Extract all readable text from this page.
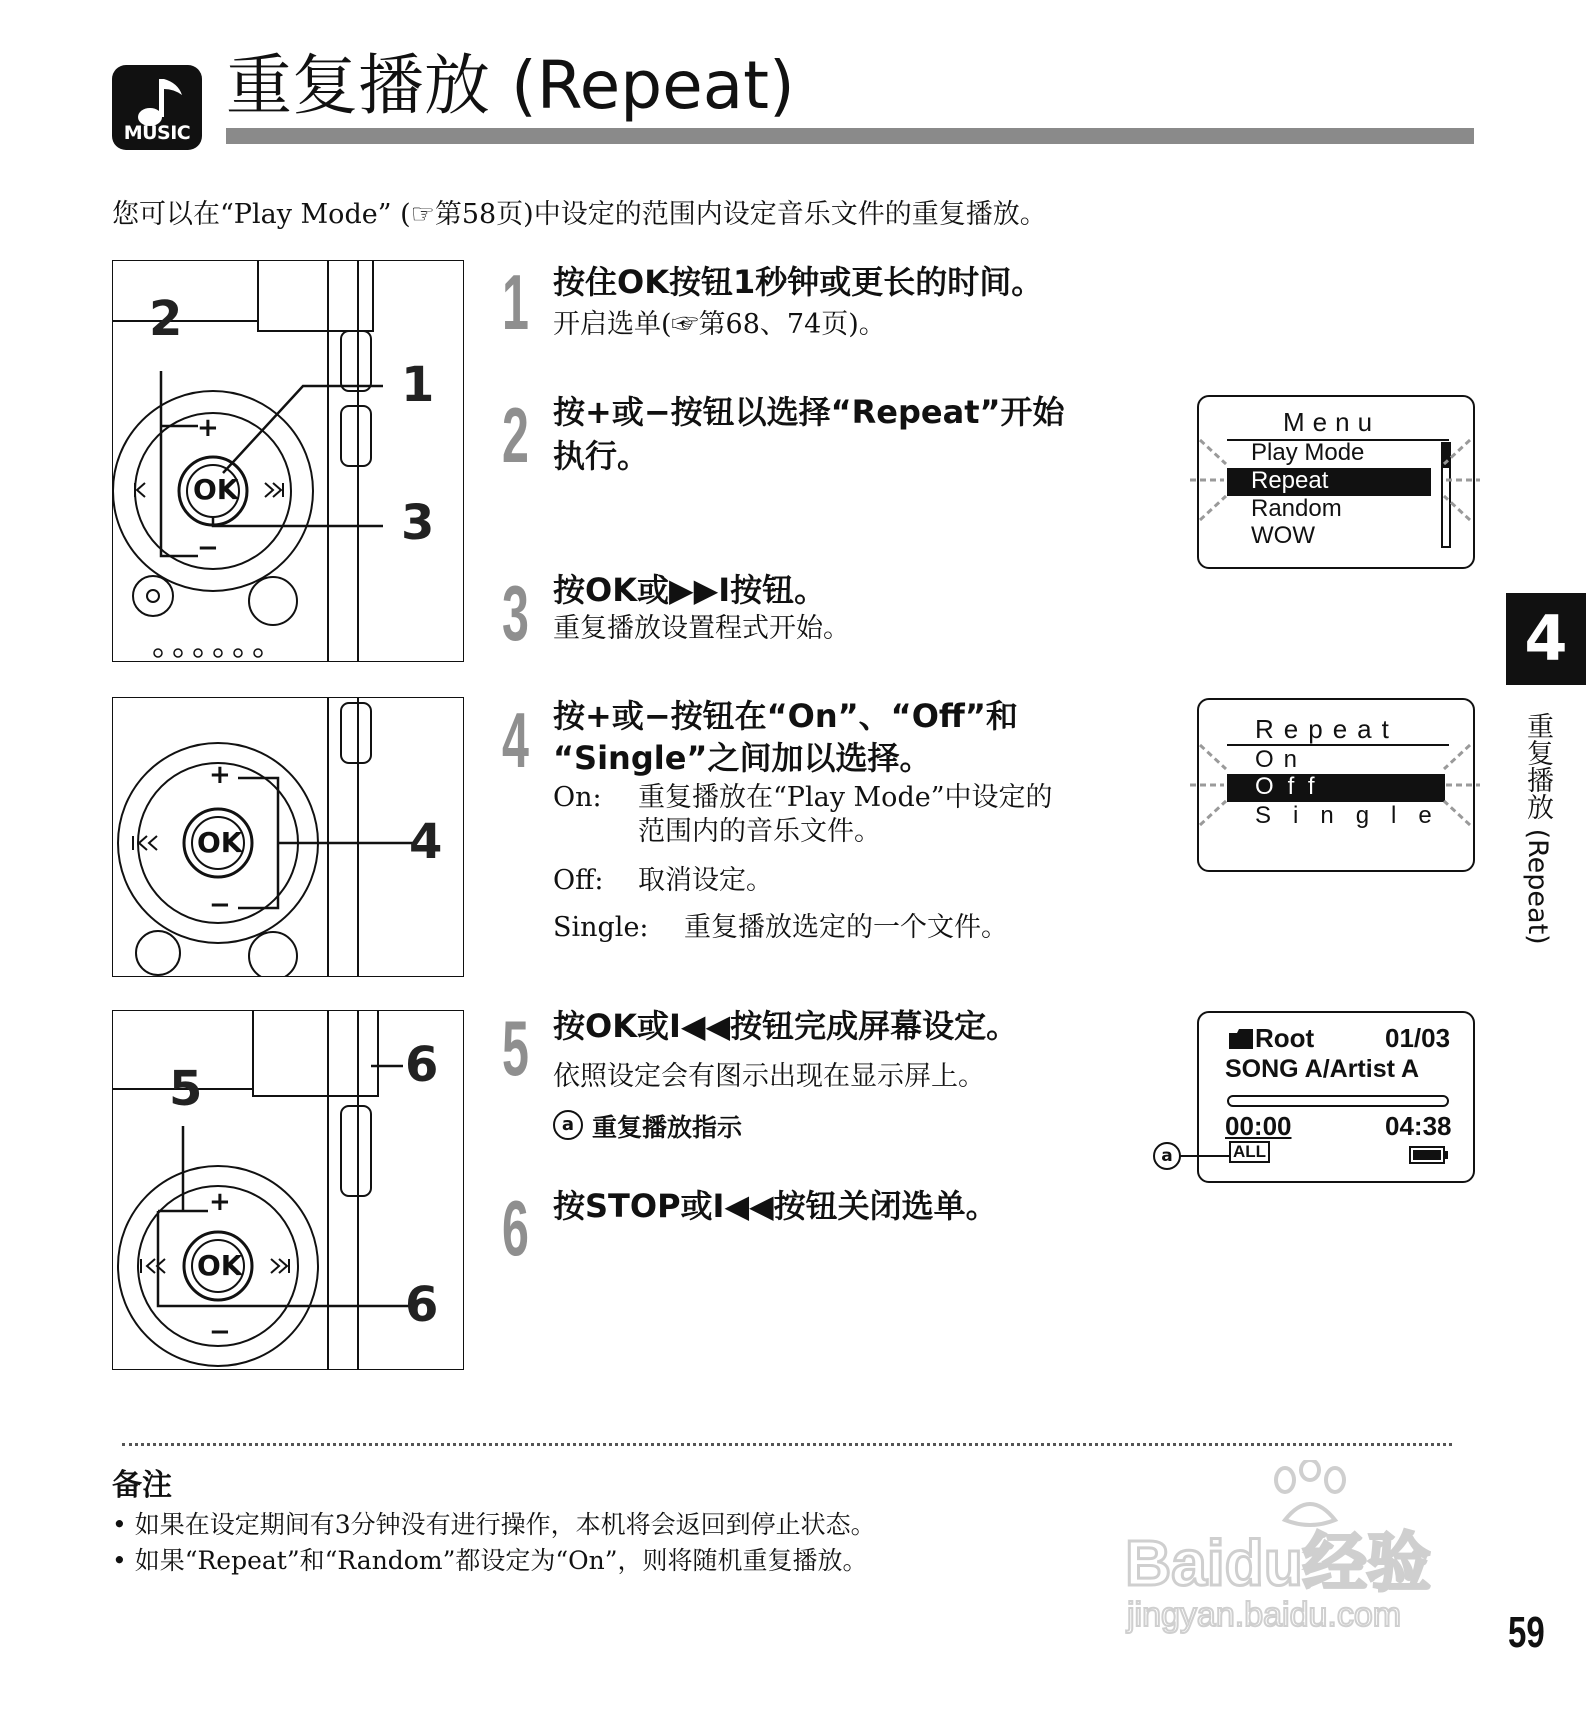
MUSIC
重复播放 (Repeat)
您可以在“Play Mode” (☞第58页)中设定的范围内设定音乐文件的重复播放。
+
−
OK
2
1
3
+
−
OK	4
+
−
OK
5	6
6
1 按住OK按钮1秒钟或更长的时间。
开启选单(☞第68、74页)。
2 按+或−按钮以选择“Repeat”开始
执行。
3 按OK或▶▶I按钮。
重复播放设置程式开始。
4 按+或−按钮在“On”、“Off”和
“Single”之间加以选择。
On: 重复播放在“Play Mode”中设定的
范围内的音乐文件。
Off: 取消设定。
Single: 重复播放选定的一个文件。
5 按OK或I◀◀按钮完成屏幕设定。
依照设定会有图示出现在显示屏上。
a 重复播放指示
6 按STOP或I◀◀按钮关闭选单。
Menu
Play Mode
Repeat
Random
WOW
Repeat
On
Off
Single
Root	01/03
SONG A/Artist A
00:00	04:38
ALL
a
4
重复播放 (Repeat)
备注
• 如果在设定期间有3分钟没有进行操作，本机将会返回到停止状态。
• 如果“Repeat”和“Random”都设定为“On”，则将随机重复播放。	Baidu经验
jingyan.baidu.com 59
